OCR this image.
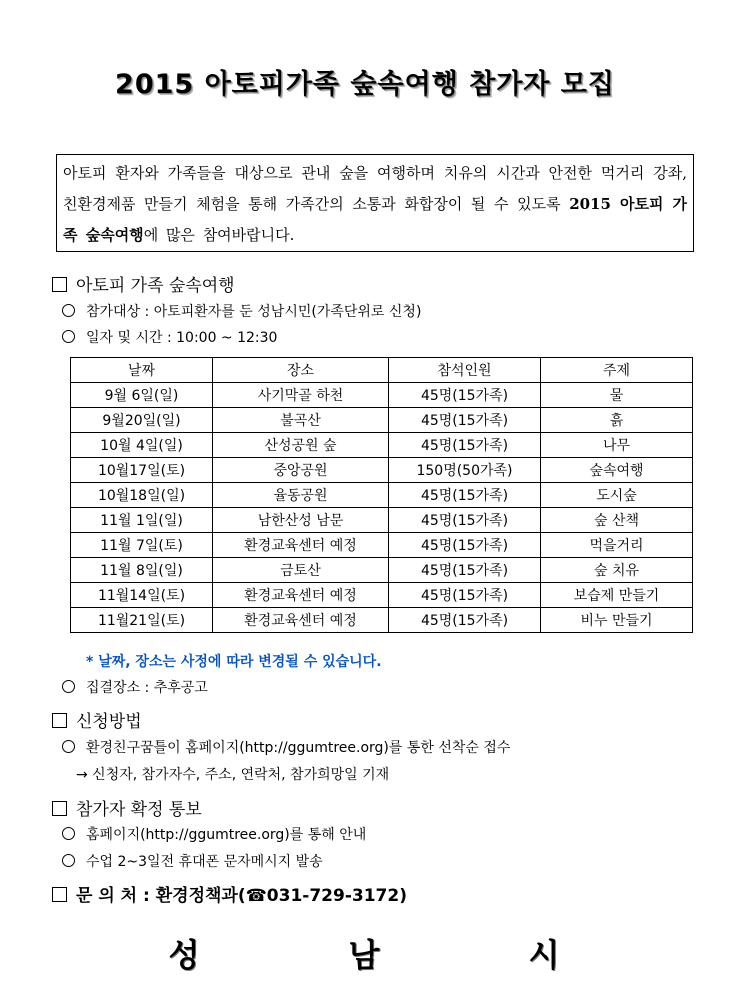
2015 아토피가족 숲속여행 참가자 모집
아토피 환자와 가족들을 대상으로 관내 숲을 여행하며 치유의 시간과 안전한 먹거리 강좌, 친환경제품 만들기 체험을 통해 가족간의 소통과 화합장이 될 수 있도록 2015 아토피 가족 숲속여행에 많은 참여바랍니다.
아토피 가족 숲속여행
참가대상 : 아토피환자를 둔 성남시민(가족단위로 신청)
일자 및 시간 : 10:00 ~ 12:30
날짜	장소	참석인원	주제
9월 6일(일)	사기막골 하천	45명(15가족)	물
9월20일(일)	불곡산	45명(15가족)	흙
10월 4일(일)	산성공원 숲	45명(15가족)	나무
10월17일(토)	중앙공원	150명(50가족)	숲속여행
10월18일(일)	율동공원	45명(15가족)	도시숲
11월 1일(일)	남한산성 남문	45명(15가족)	숲 산책
11월 7일(토)	환경교육센터 예정	45명(15가족)	먹을거리
11월 8일(일)	금토산	45명(15가족)	숲 치유
11월14일(토)	환경교육센터 예정	45명(15가족)	보습제 만들기
11월21일(토)	환경교육센터 예정	45명(15가족)	비누 만들기
* 날짜, 장소는 사정에 따라 변경될 수 있습니다.
집결장소 : 추후공고
신청방법
환경친구꿈틀이 홈페이지(http://ggumtree.org)를 통한 선착순 접수
→ 신청자, 참가자수, 주소, 연락처, 참가희망일 기재
참가자 확정 통보
홈페이지(http://ggumtree.org)를 통해 안내
수업 2~3일전 휴대폰 문자메시지 발송
문 의 처 : 환경정책과(☎031-729-3172)
성	남	시
